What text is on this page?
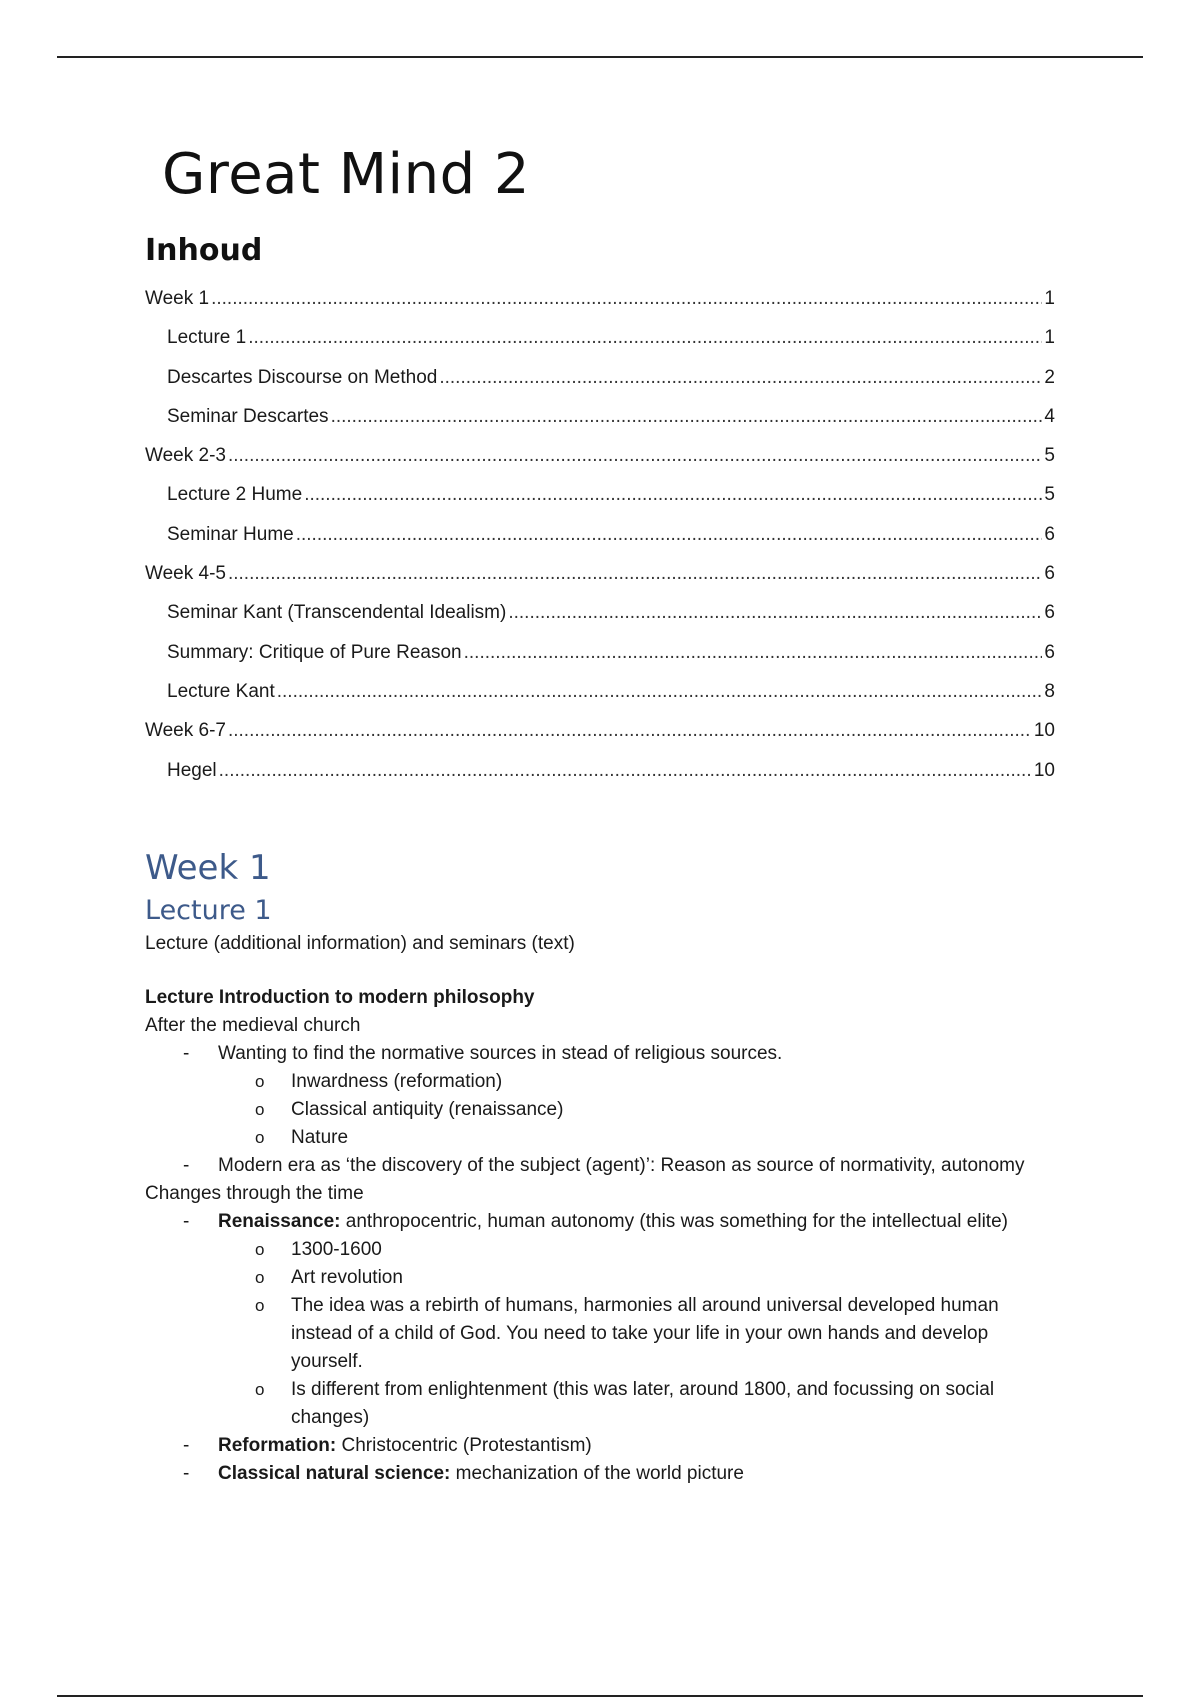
Great Mind 2
Inhoud
Week 1 .....	1
Lecture 1 .....	1
Descartes Discourse on Method .....	2
Seminar Descartes .....	4
Week 2-3 .....	5
Lecture 2 Hume .....	5
Seminar Hume .....	6
Week 4-5 .....	6
Seminar Kant (Transcendental Idealism) .....	6
Summary: Critique of Pure Reason .....	6
Lecture Kant .....	8
Week 6-7 .....	10
Hegel .....	10
Week 1
Lecture 1

Lecture (additional information) and seminars (text)

Lecture Introduction to modern philosophy

After the medieval church

- Wanting to find the normative sources in stead of religious sources.
o Inwardness (reformation)
o Classical antiquity (renaissance)
o Nature
- Modern era as ‘the discovery of the subject (agent)’: Reason as source of normativity, autonomy

Changes through the time

- Renaissance: anthropocentric, human autonomy (this was something for the intellectual elite)
o 1300-1600
o Art revolution
o The idea was a rebirth of humans, harmonies all around universal developed human instead of a child of God. You need to take your life in your own hands and develop yourself.
o Is different from enlightenment (this was later, around 1800, and focussing on social changes)
- Reformation: Christocentric (Protestantism)
- Classical natural science: mechanization of the world picture
